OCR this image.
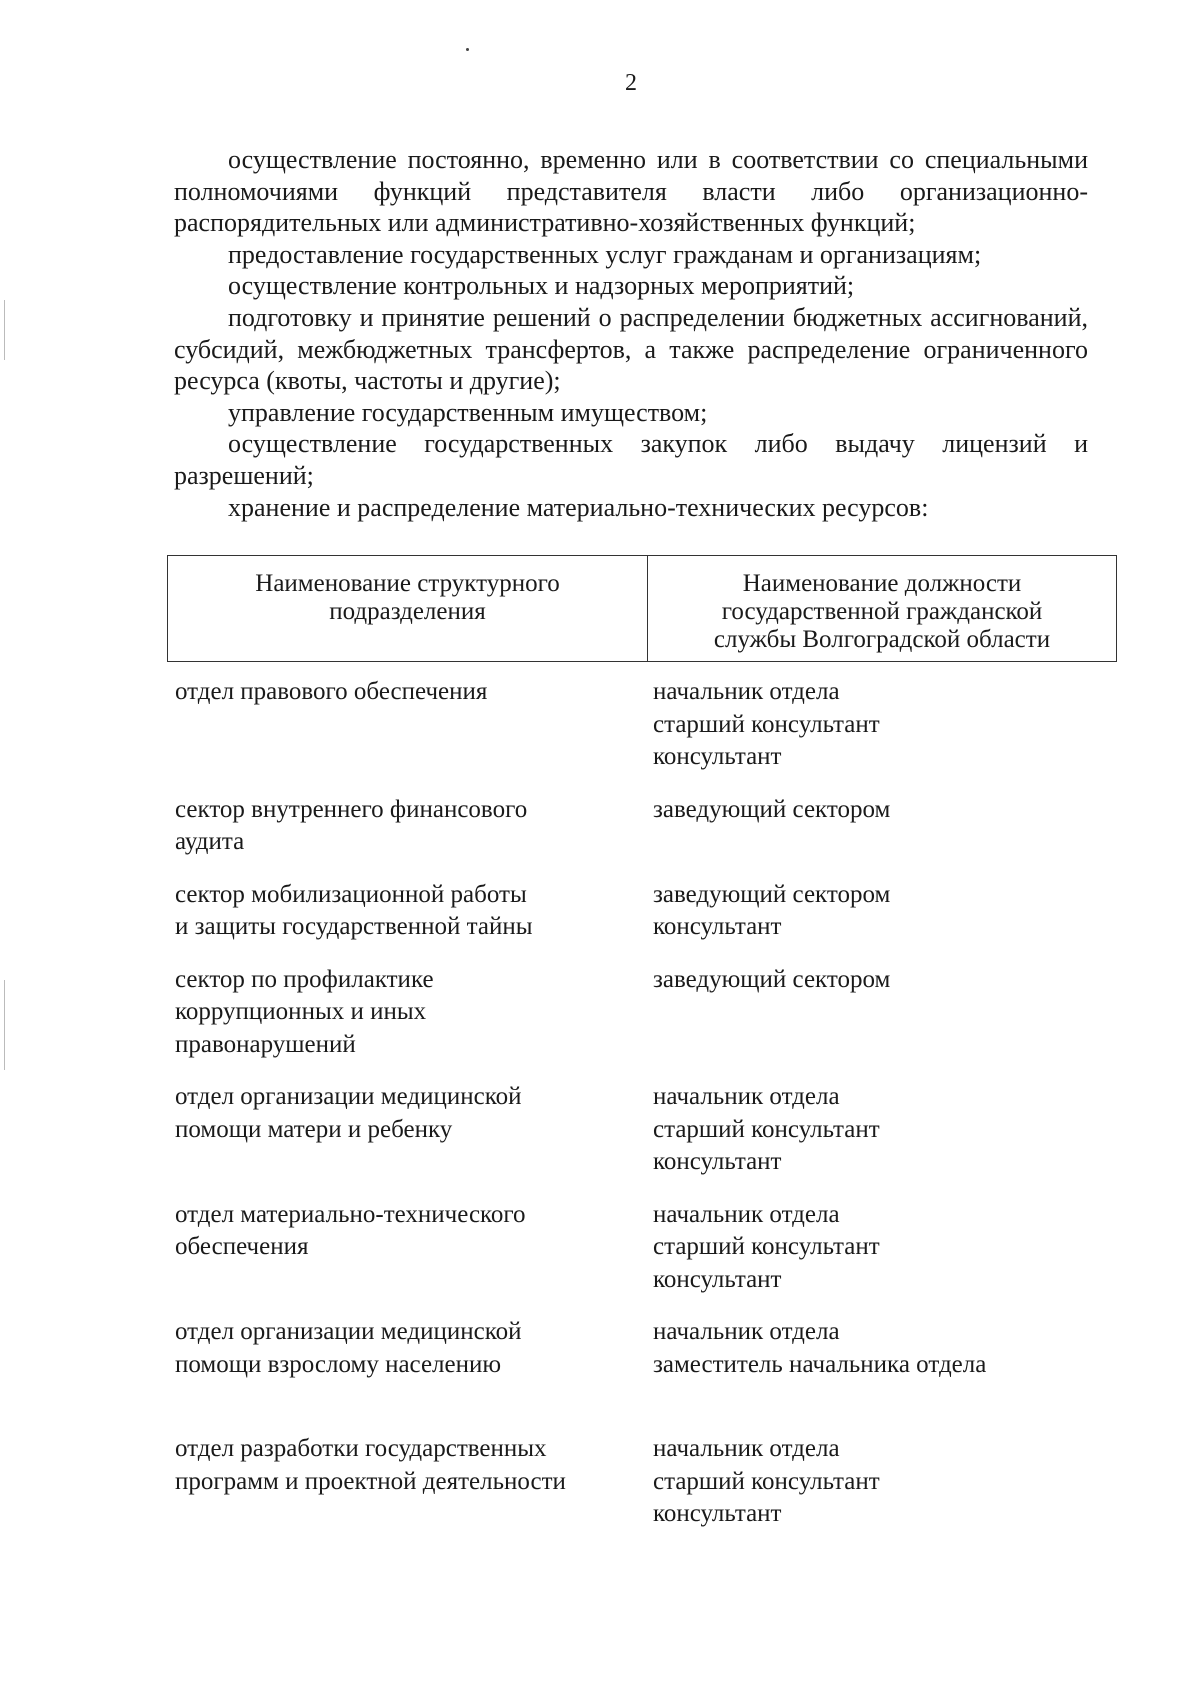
2

осуществление постоянно, временно или в соответствии со специальными полномочиями функций представителя власти либо организационно-распорядительных или административно-хозяйственных функций;

предоставление государственных услуг гражданам и организациям;

осуществление контрольных и надзорных мероприятий;

подготовку и принятие решений о распределении бюджетных ассигнований, субсидий, межбюджетных трансфертов, а также распределение ограниченного ресурса (квоты, частоты и другие);

управление государственным имуществом;

осуществление государственных закупок либо выдачу лицензий и разрешений;

хранение и распределение материально-технических ресурсов:

Наименование структурного
подразделения
Наименование должности
государственной гражданской
службы Волгоградской области
отдел правового обеспечения	начальник отдела
старший консультант
консультант
сектор внутреннего финансового
аудита
заведующий сектором
сектор мобилизационной работы
и защиты государственной тайны
заведующий сектором
консультант
сектор по профилактике
коррупционных и иных
правонарушений
заведующий сектором
отдел организации медицинской
помощи матери и ребенку
начальник отдела
старший консультант
консультант
отдел материально-технического
обеспечения
начальник отдела
старший консультант
консультант
отдел организации медицинской
помощи взрослому населению
начальник отдела
заместитель начальника отдела
отдел разработки государственных
программ и проектной деятельности
начальник отдела
старший консультант
консультант
